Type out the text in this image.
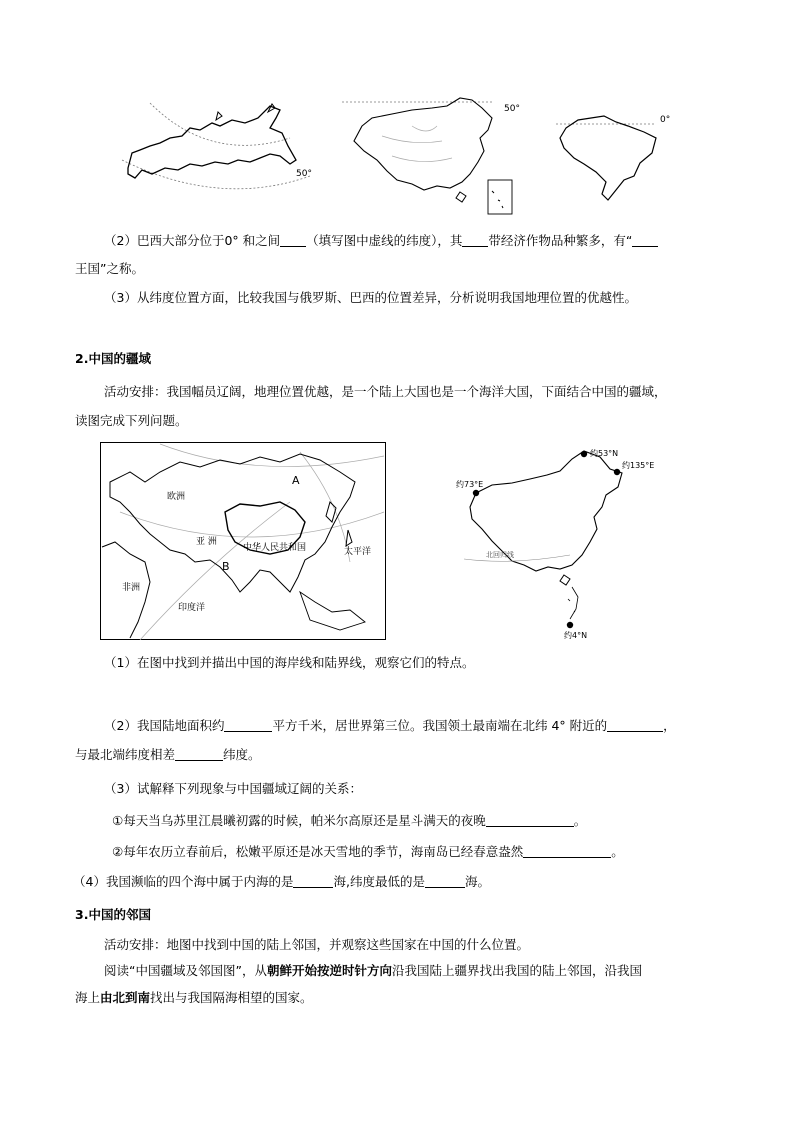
50°
50°
0°
（2）巴西大部分位于0° 和之间 （填写图中虚线的纬度），其 带经济作物品种繁多，有“
王国”之称。
（3）从纬度位置方面，比较我国与俄罗斯、巴西的位置差异，分析说明我国地理位置的优越性。
2.中国的疆域
活动安排：我国幅员辽阔，地理位置优越，是一个陆上大国也是一个海洋大国，下面结合中国的疆域，
读图完成下列问题。
A
B
欧洲
亚 洲
中华人民共和国	太平洋
非洲
印度洋
约53°N
约135°E
约73°E
约4°N
北回归线
（1）在图中找到并描出中国的海岸线和陆界线，观察它们的特点。
（2）我国陆地面积约	平方千米，居世界第三位。我国领土最南端在北纬 4° 附近的	，
与最北端纬度相差	纬度。
（3）试解释下列现象与中国疆域辽阔的关系：
①每天当乌苏里江晨曦初露的时候，帕米尔高原还是星斗满天的夜晚	。
②每年农历立春前后，松嫩平原还是冰天雪地的季节，海南岛已经春意盎然	。
（4）我国濒临的四个海中属于内海的是	海,纬度最低的是	海。
3.中国的邻国
活动安排：地图中找到中国的陆上邻国，并观察这些国家在中国的什么位置。
阅读“中国疆域及邻国图”，从朝鲜开始按逆时针方向沿我国陆上疆界找出我国的陆上邻国，沿我国
海上由北到南找出与我国隔海相望的国家。
